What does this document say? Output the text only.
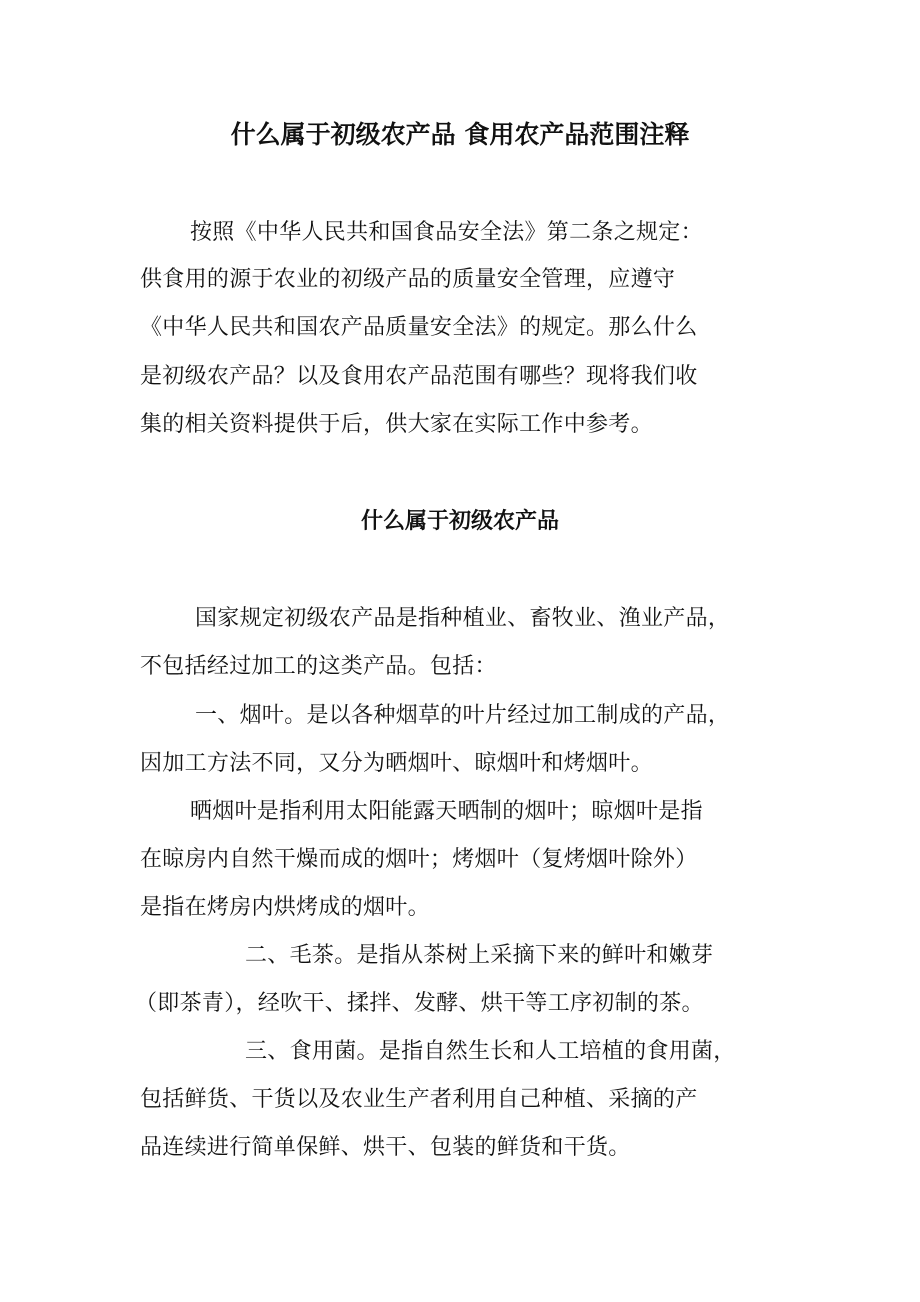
什么属于初级农产品 食用农产品范围注释

按照《中华人民共和国食品安全法》第二条之规定：

供食用的源于农业的初级产品的质量安全管理，应遵守

《中华人民共和国农产品质量安全法》的规定。那么什么

是初级农产品？以及食用农产品范围有哪些？现将我们收

集的相关资料提供于后，供大家在实际工作中参考。

什么属于初级农产品

国家规定初级农产品是指种植业、畜牧业、渔业产品，

不包括经过加工的这类产品。包括：

一、烟叶。是以各种烟草的叶片经过加工制成的产品，

因加工方法不同，又分为晒烟叶、晾烟叶和烤烟叶。

晒烟叶是指利用太阳能露天晒制的烟叶；晾烟叶是指

在晾房内自然干燥而成的烟叶；烤烟叶（复烤烟叶除外）

是指在烤房内烘烤成的烟叶。

二、毛茶。是指从茶树上采摘下来的鲜叶和嫩芽

（即茶青），经吹干、揉拌、发酵、烘干等工序初制的茶。

三、食用菌。是指自然生长和人工培植的食用菌，

包括鲜货、干货以及农业生产者利用自己种植、采摘的产

品连续进行简单保鲜、烘干、包装的鲜货和干货。
